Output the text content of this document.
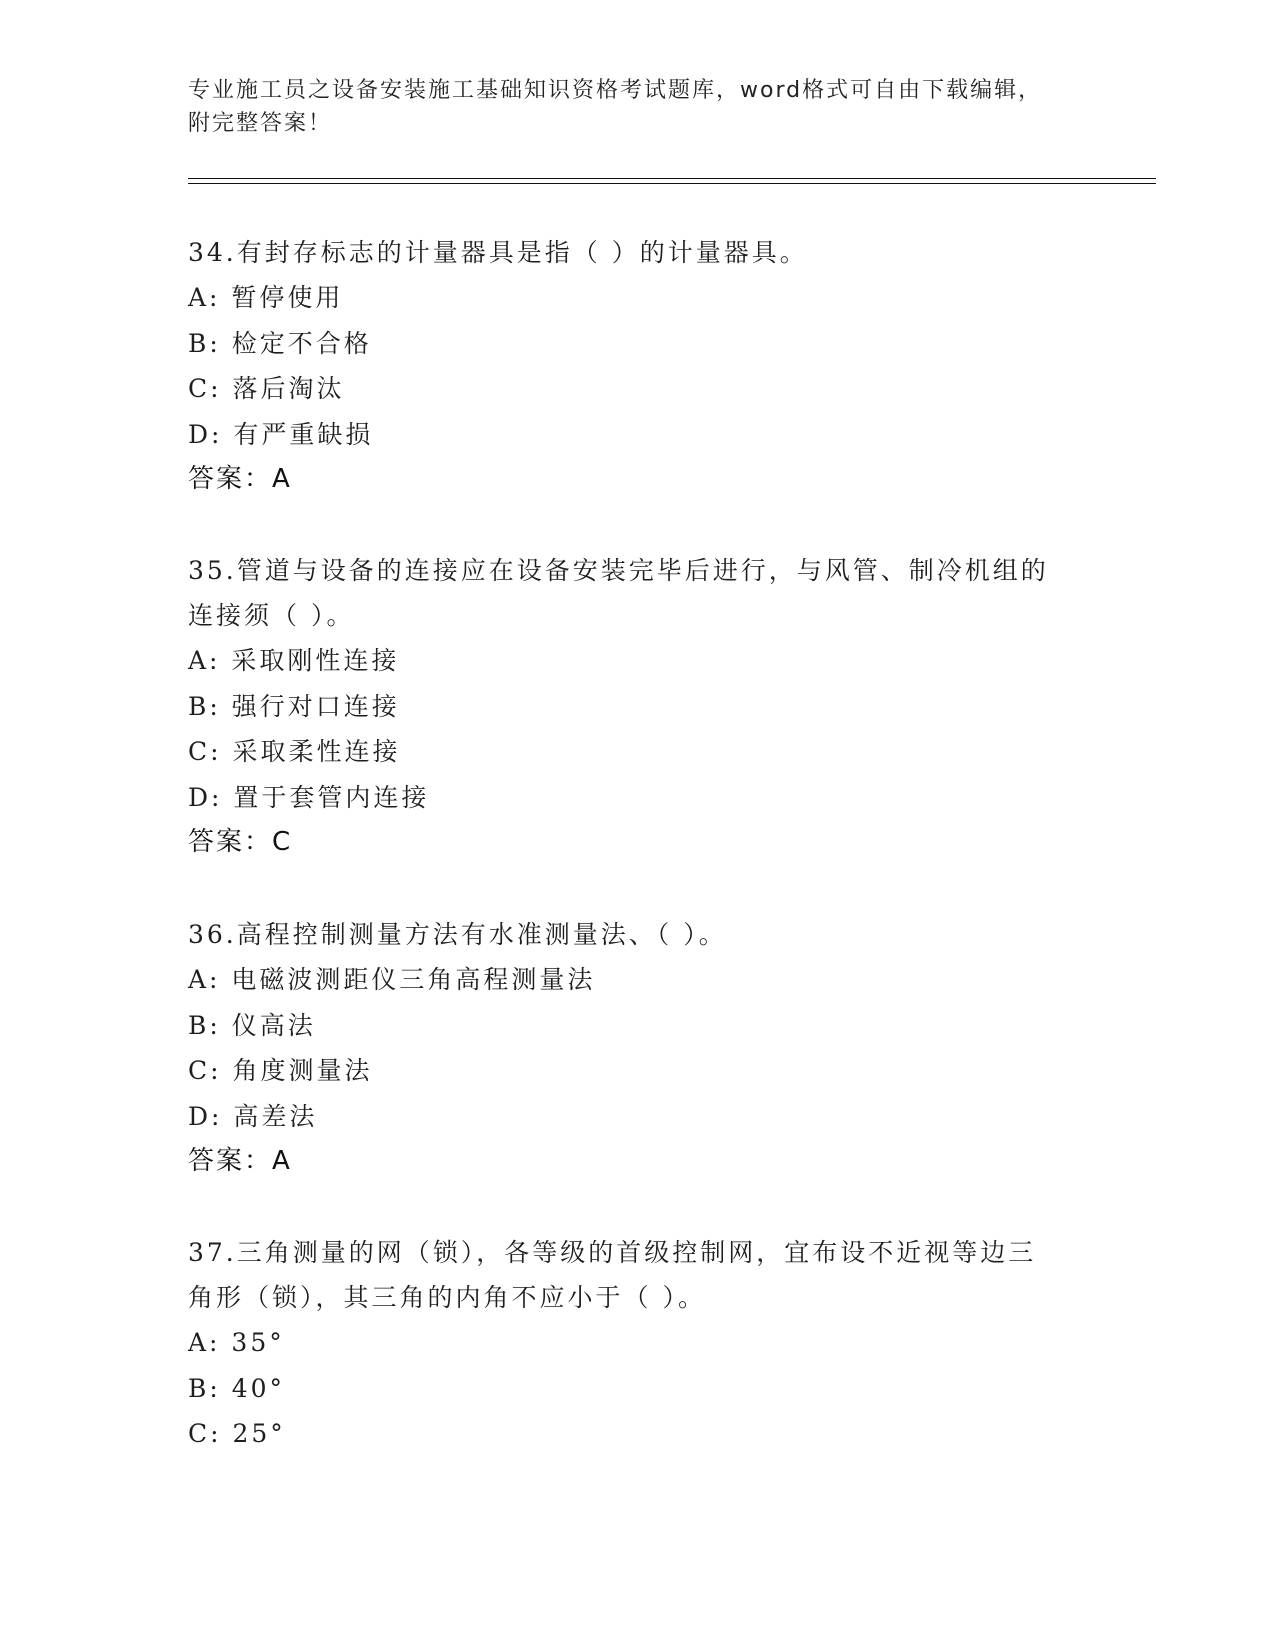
专业施工员之设备安装施工基础知识资格考试题库，word格式可自由下载编辑，
附完整答案！
34.有封存标志的计量器具是指（ ）的计量器具。
A: 暂停使用
B: 检定不合格
C: 落后淘汰
D: 有严重缺损
答案：A
35.管道与设备的连接应在设备安装完毕后进行，与风管、制冷机组的
连接须（ ）。
A: 采取刚性连接
B: 强行对口连接
C: 采取柔性连接
D: 置于套管内连接
答案：C
36.高程控制测量方法有水准测量法、（ ）。
A: 电磁波测距仪三角高程测量法
B: 仪高法
C: 角度测量法
D: 高差法
答案：A
37.三角测量的网（锁），各等级的首级控制网，宜布设不近视等边三
角形（锁），其三角的内角不应小于（ ）。
A: 35°
B: 40°
C: 25°
